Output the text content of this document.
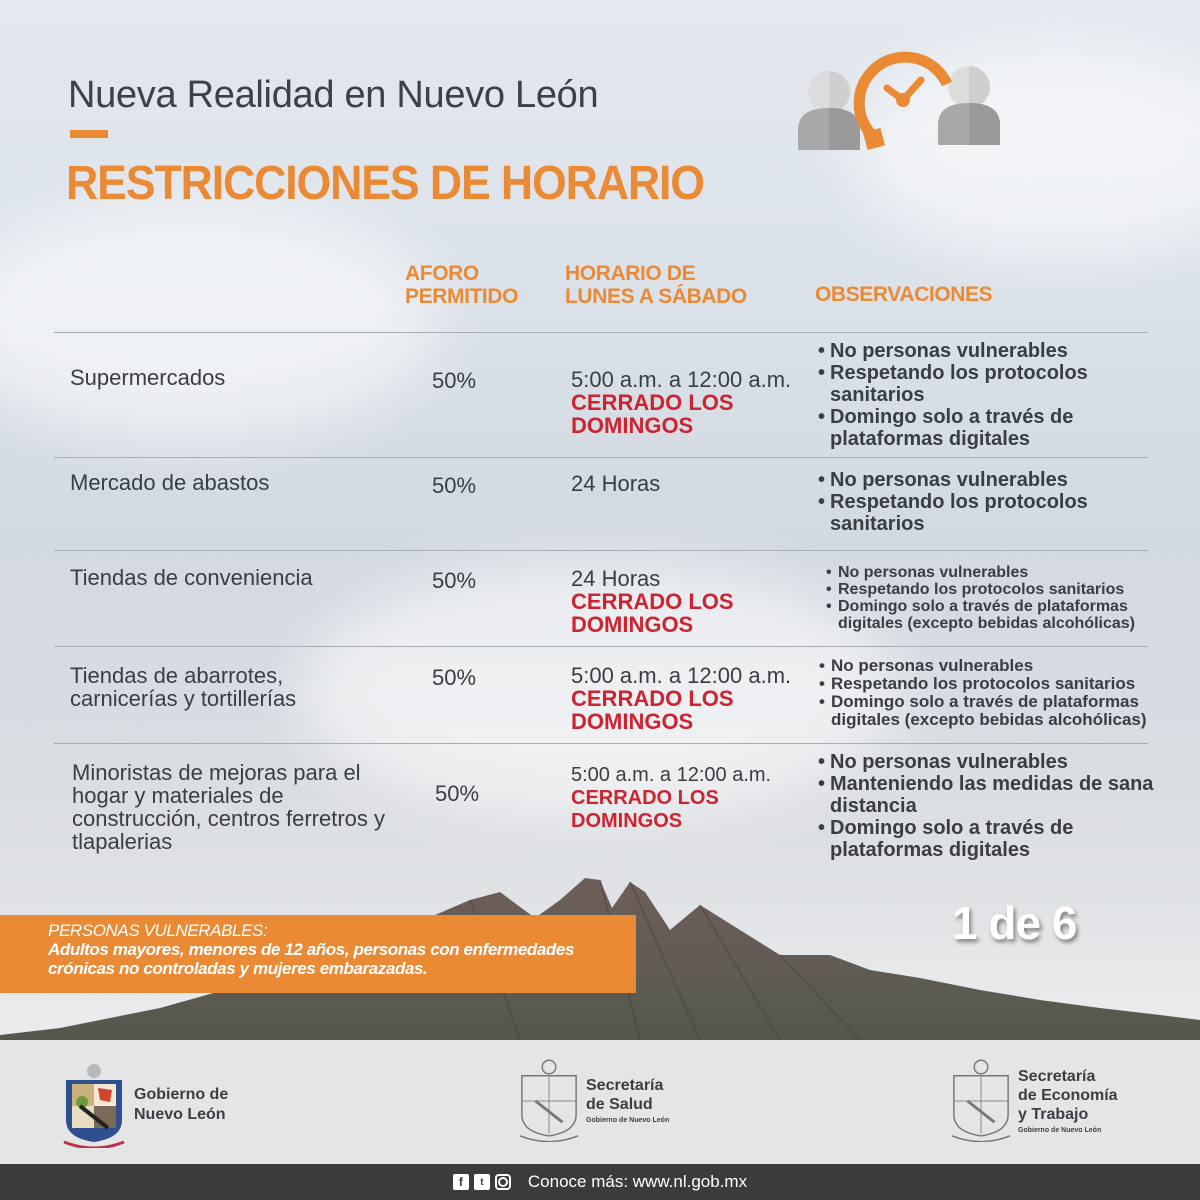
Nueva Realidad en Nuevo León
RESTRICCIONES DE HORARIO
AFORO
PERMITIDO
HORARIO DE
LUNES A SÁBADO	OBSERVACIONES
Supermercados	50%	5:00 a.m. a 12:00 a.m.
CERRADO LOS DOMINGOS
• No personas vulnerables
• Respetando los protocolos sanitarios
• Domingo solo a través de plataformas digitales
Mercado de abastos	50%	24 Horas
•	No personas vulnerables
• Respetando los protocolos sanitarios
Tiendas de conveniencia	50%	24 Horas
CERRADO LOS DOMINGOS
• No personas vulnerables
• Respetando los protocolos sanitarios
• Domingo solo a través de plataformas digitales (excepto bebidas alcohólicas)
Tiendas de abarrotes, carnicerías y tortillerías
50%	5:00 a.m. a 12:00 a.m.
CERRADO LOS DOMINGOS
• No personas vulnerables
• Respetando los protocolos sanitarios
• Domingo solo a través de plataformas digitales (excepto bebidas alcohólicas)
Minoristas de mejoras para el hogar y materiales de construcción, centros ferretros y tlapalerias
50%
5:00 a.m. a 12:00 a.m.
CERRADO LOS DOMINGOS
• No personas vulnerables
• Manteniendo las medidas de sana distancia
• Domingo solo a través de plataformas digitales
PERSONAS VULNERABLES:
Adultos mayores, menores de 12 años, personas con enfermedades crónicas no controladas y mujeres embarazadas.
1 de 6
Gobierno de
Nuevo León
Secretaría
de Salud
Gobierno de Nuevo León
Secretaría
de Economía
y Trabajo
Gobierno de Nuevo León
f	t	Conoce más: www.nl.gob.mx
